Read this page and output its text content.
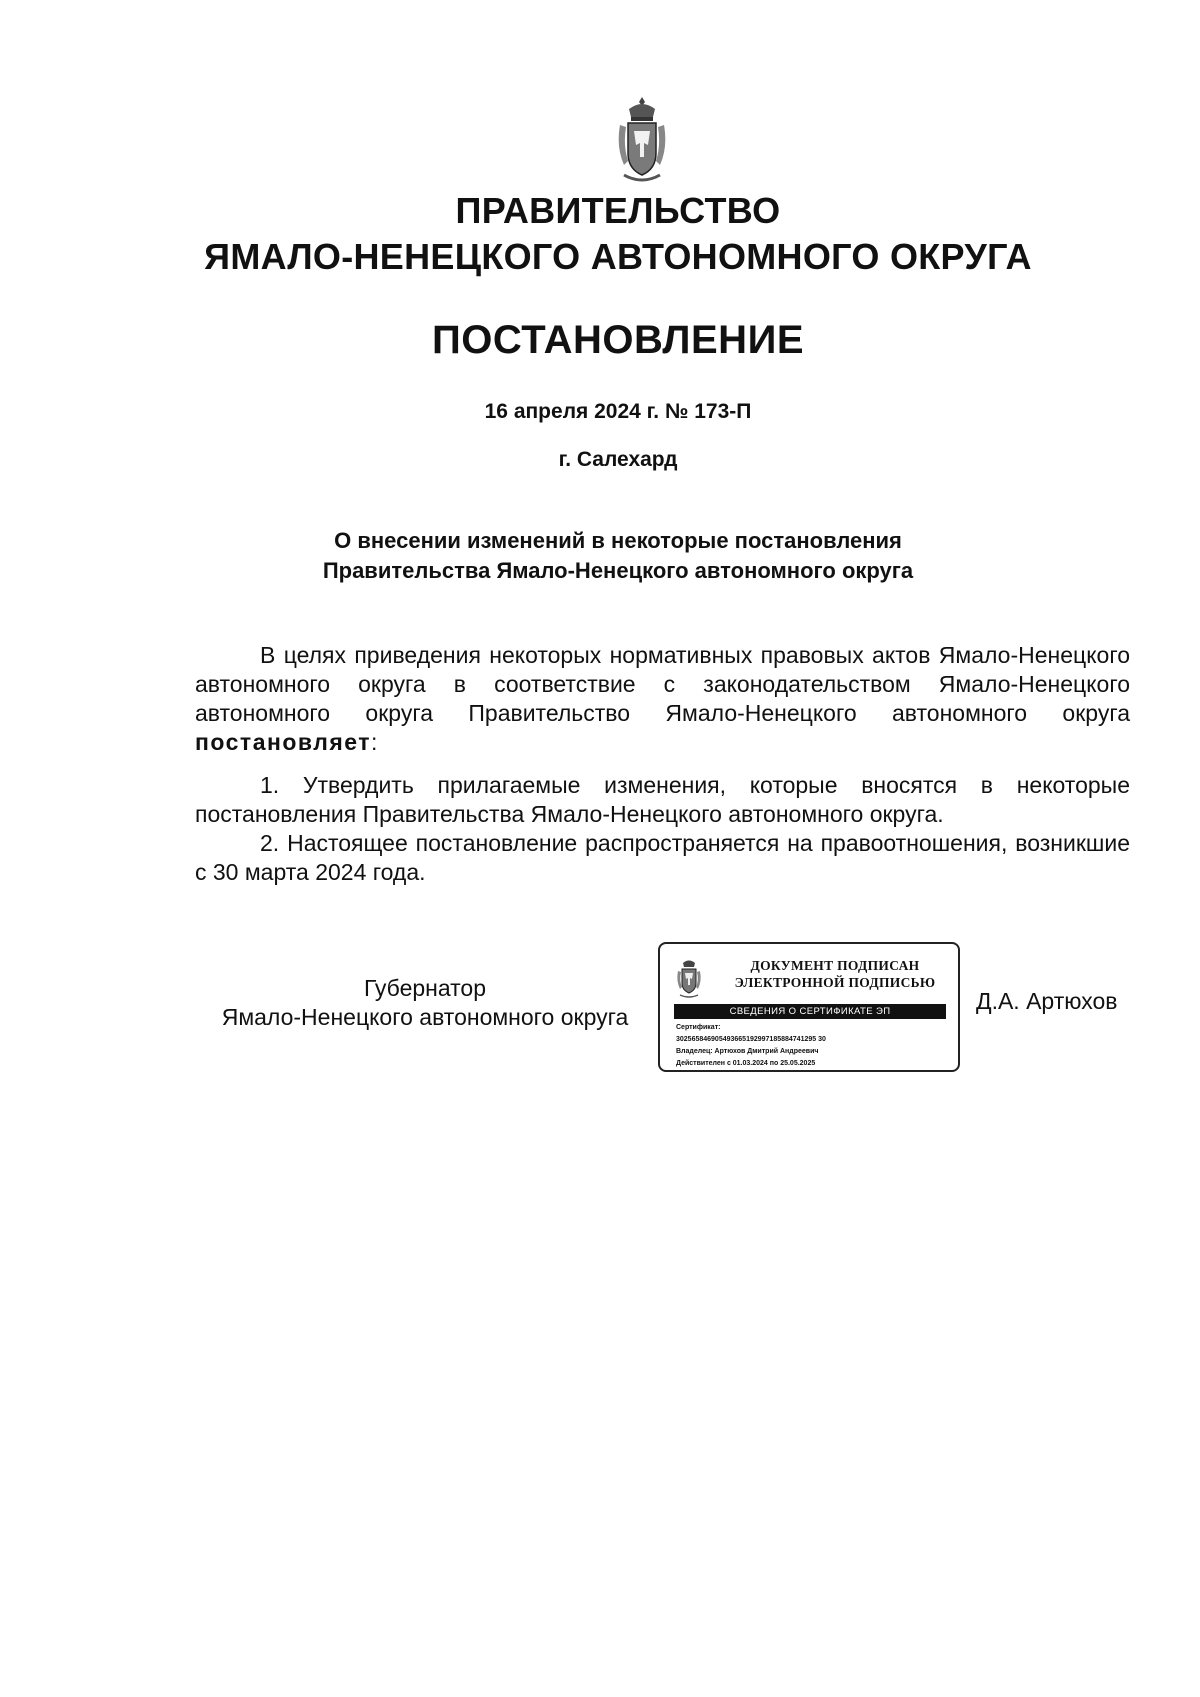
ПРАВИТЕЛЬСТВО
ЯМАЛО-НЕНЕЦКОГО АВТОНОМНОГО ОКРУГА
ПОСТАНОВЛЕНИЕ
16 апреля 2024 г. № 173-П
г. Салехард
О внесении изменений в некоторые постановления
Правительства Ямало-Ненецкого автономного округа

В целях приведения некоторых нормативных правовых актов Ямало-Ненецкого автономного округа в соответствие с законодательством Ямало-Ненецкого автономного округа Правительство Ямало-Ненецкого автономного округа постановляет:

1. Утвердить прилагаемые изменения, которые вносятся в некоторые постановления Правительства Ямало-Ненецкого автономного округа.

2. Настоящее постановление распространяется на правоотношения, возникшие с 30 марта 2024 года.

Губернатор
Ямало-Ненецкого автономного округа
ДОКУМЕНТ ПОДПИСАН
ЭЛЕКТРОННОЙ ПОДПИСЬЮ
СВЕДЕНИЯ О СЕРТИФИКАТЕ ЭП
Сертификат:
302565846905493665192997185884741295 30
Владелец: Артюхов Дмитрий Андреевич
Действителен с 01.03.2024 по 25.05.2025
Д.А. Артюхов
